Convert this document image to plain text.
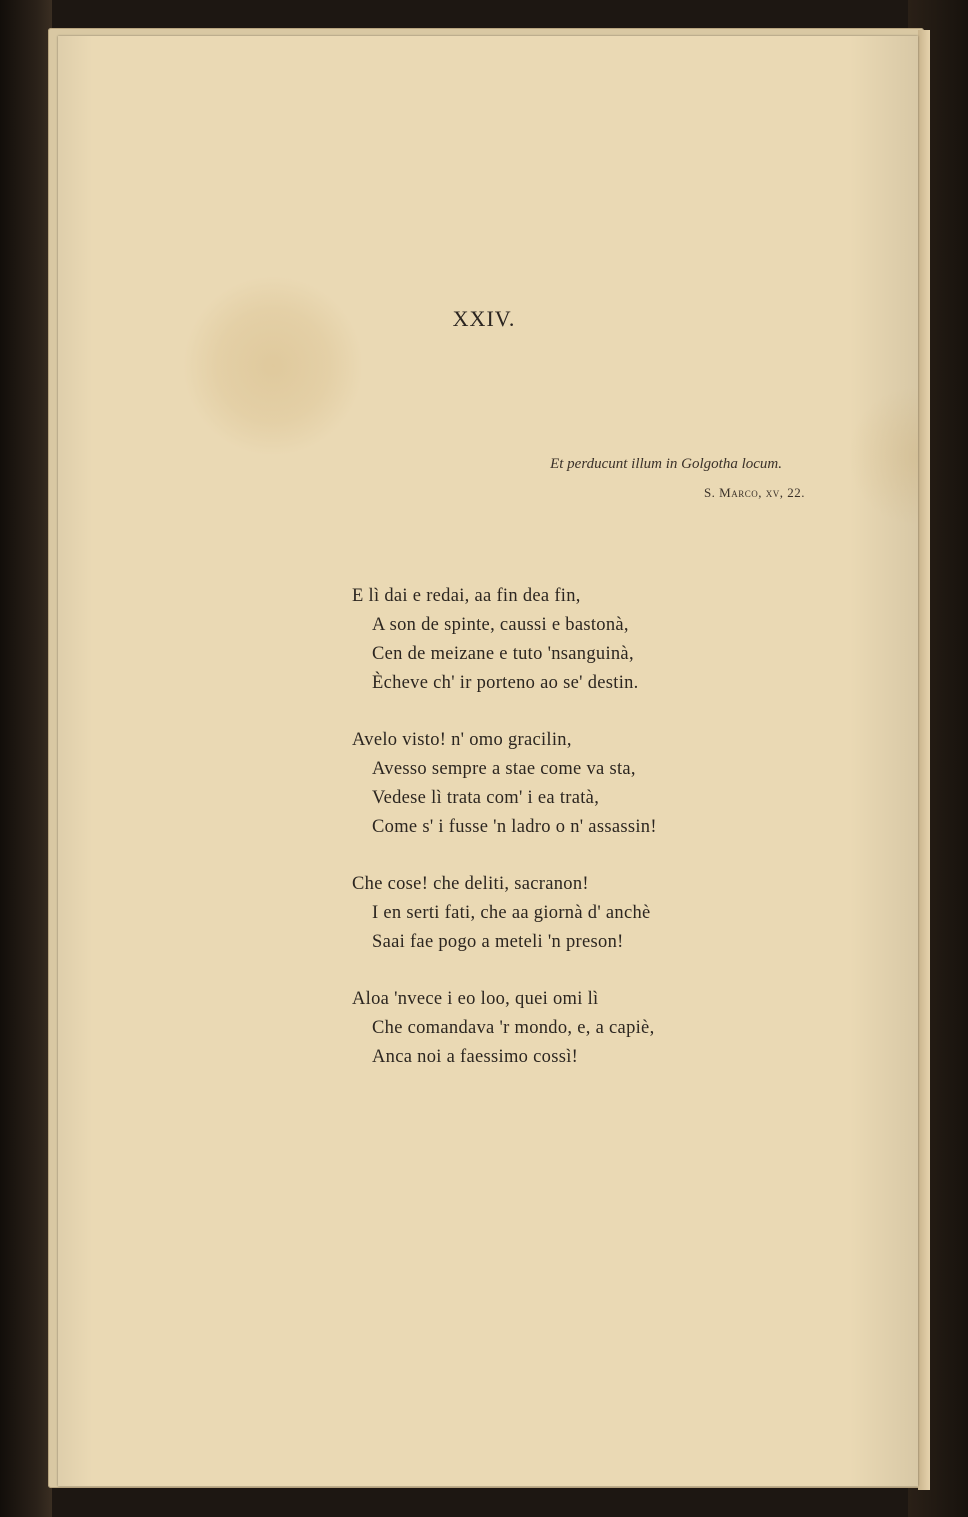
XXIV.
Et perducunt illum in Golgotha locum.
S. Marco, xv, 22.
E lì dai e redai, aa fin dea fin,
A son de spinte, caussi e bastonà,
Cen de meizane e tuto 'nsanguinà,
Ècheve ch' ir porteno ao se' destin.
Avelo visto! n' omo gracilin,
Avesso sempre a stae come va sta,
Vedese lì trata com' i ea tratà,
Come s' i fusse 'n ladro o n' assassin!
Che cose! che deliti, sacranon!
I en serti fati, che aa giornà d' anchè
Saai fae pogo a meteli 'n preson!
Aloa 'nvece i eo loo, quei omi lì
Che comandava 'r mondo, e, a capiè,
Anca noi a faessimo cossì!
